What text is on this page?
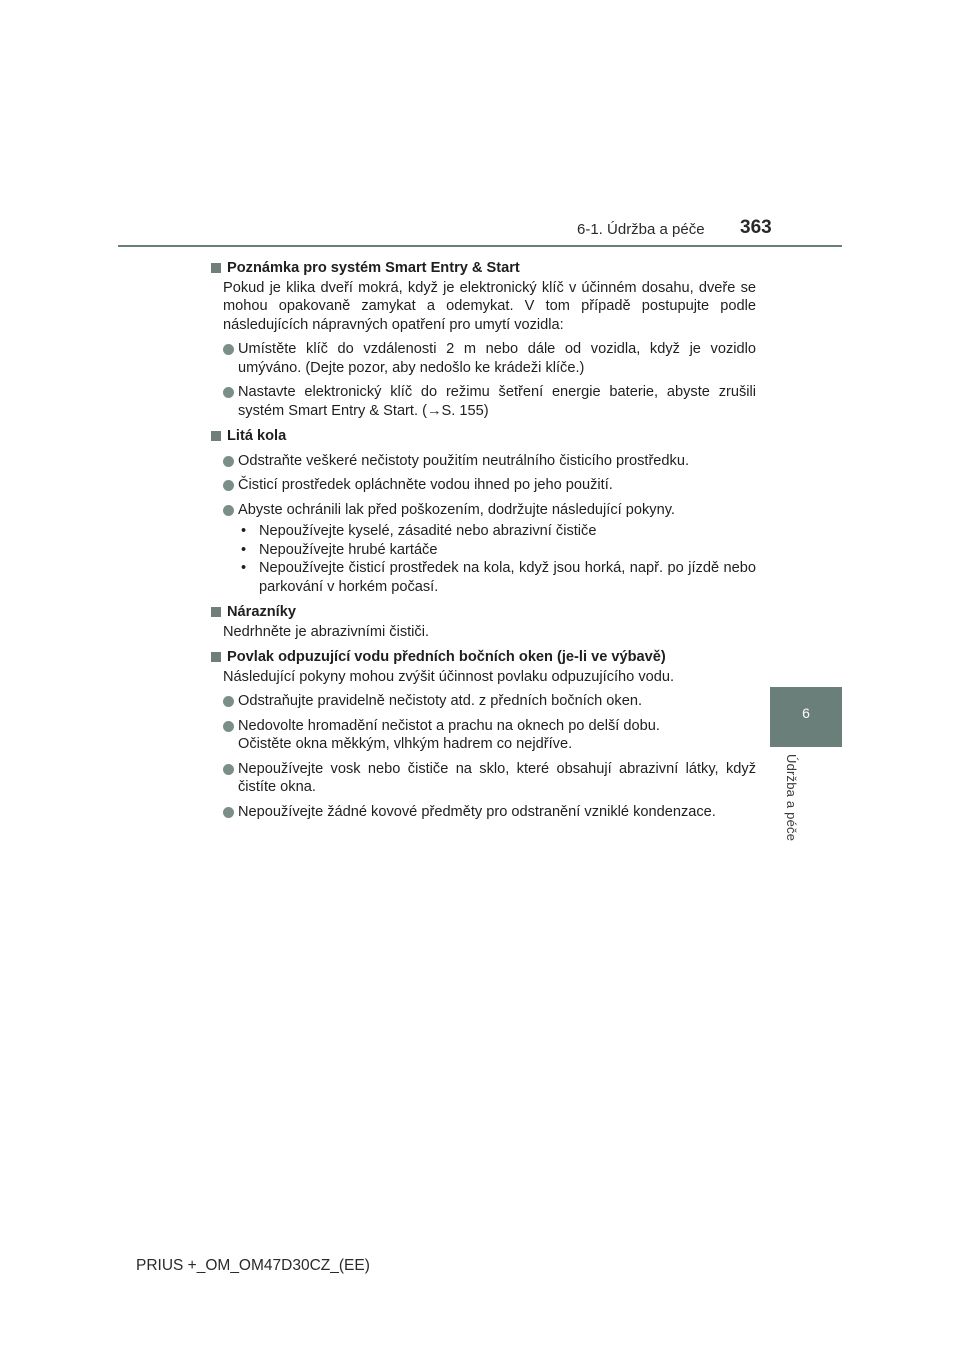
6-1. Údržba a péče 363
6
Údržba a péče
Poznámka pro systém Smart Entry & Start
Pokud je klika dveří mokrá, když je elektronický klíč v účinném dosahu, dveře se mohou opakovaně zamykat a odemykat. V tom případě postupujte podle následujících nápravných opatření pro umytí vozidla:
Umístěte klíč do vzdálenosti 2 m nebo dále od vozidla, když je vozidlo umýváno. (Dejte pozor, aby nedošlo ke krádeži klíče.)
Nastavte elektronický klíč do režimu šetření energie baterie, abyste zrušili systém Smart Entry & Start. (→S. 155)
Litá kola
Odstraňte veškeré nečistoty použitím neutrálního čisticího prostředku.
Čisticí prostředek opláchněte vodou ihned po jeho použití.
Abyste ochránili lak před poškozením, dodržujte následující pokyny.
• Nepoužívejte kyselé, zásadité nebo abrazivní čističe
• Nepoužívejte hrubé kartáče
• Nepoužívejte čisticí prostředek na kola, když jsou horká, např. po jízdě nebo parkování v horkém počasí.
Nárazníky
Nedrhněte je abrazivními čističi.
Povlak odpuzující vodu předních bočních oken (je-li ve výbavě)
Následující pokyny mohou zvýšit účinnost povlaku odpuzujícího vodu.
Odstraňujte pravidelně nečistoty atd. z předních bočních oken.
Nedovolte hromadění nečistot a prachu na oknech po delší dobu.
Očistěte okna měkkým, vlhkým hadrem co nejdříve.
Nepoužívejte vosk nebo čističe na sklo, které obsahují abrazivní látky, když čistíte okna.
Nepoužívejte žádné kovové předměty pro odstranění vzniklé kondenzace.
PRIUS +_OM_OM47D30CZ_(EE)
